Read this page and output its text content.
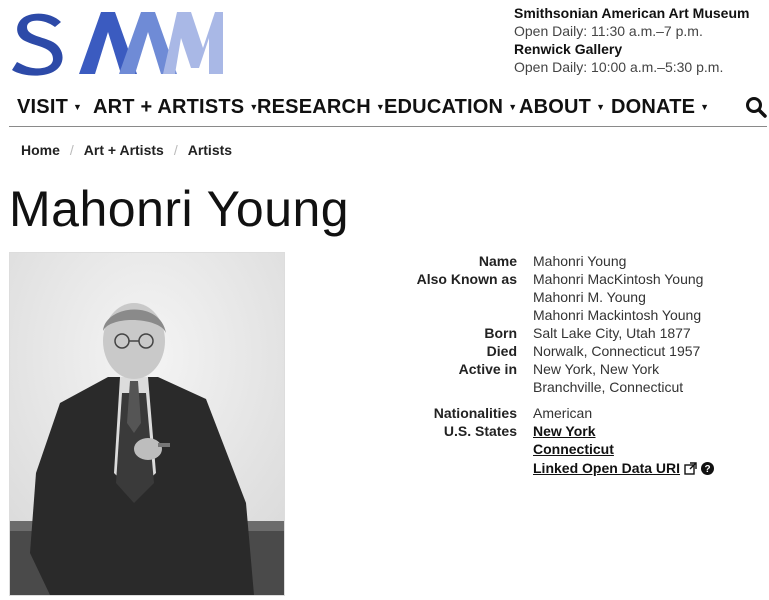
Smithsonian American Art Museum
Open Daily: 11:30 a.m.–7 p.m.
Renwick Gallery
Open Daily: 10:00 a.m.–5:30 p.m.
VISIT ▼ ART + ARTISTS ▼
RESEARCH ▼ EDUCATION ▼ ABOUT ▼ DONATE ▼
Home / Art + Artists / Artists
Mahonri Young
Name	Mahonri Young
Also Known as	Mahonri MacKintosh Young
Mahonri M. Young
Mahonri Mackintosh Young
Born	Salt Lake City, Utah 1877
Died	Norwalk, Connecticut 1957
Active in	New York, New York
Branchville, Connecticut
Nationalities	American
U.S. States	New York
Connecticut
Linked Open Data URI ?
